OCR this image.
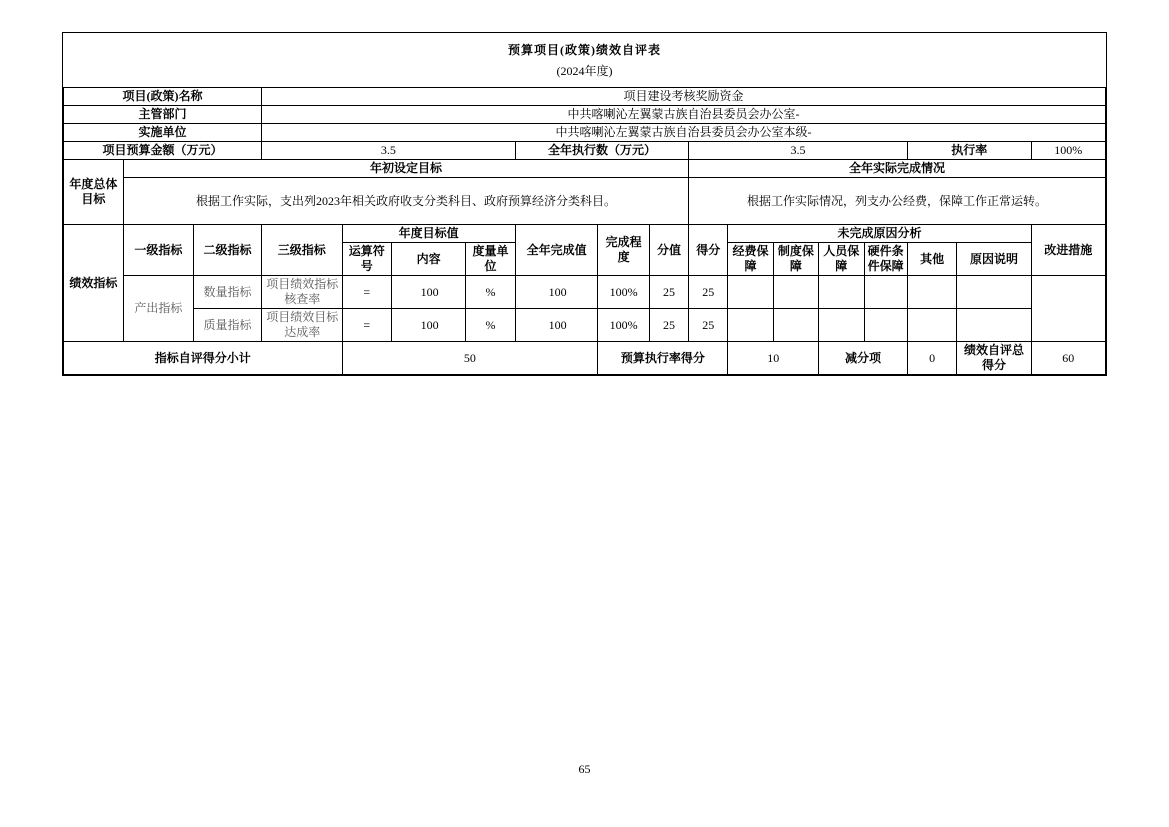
预算项目(政策)绩效自评表																	
(2024年度)																	
项目(政策)名称			项目建设考核奖励资金														
主管部门			中共喀喇沁左翼蒙古族自治县委员会办公室-														
实施单位			中共喀喇沁左翼蒙古族自治县委员会办公室本级-														
项目预算金额（万元）			3.5				全年执行数（万元）			3.5					执行率		100%
年度总体目标	年初设定目标									全年实际完成情况							
	根据工作实际，支出列2023年相关政府收支分类科目、政府预算经济分类科目。									根据工作实际情况，列支办公经费，保障工作正常运转。							
绩效指标	一级指标	二级指标	三级指标	年度目标值			全年完成值	完成程度	分值	得分	未完成原因分析						改进措施
				运算符号	内容	度量单位					经费保障	制度保障	人员保障	硬件条件保障	其他	原因说明	
	产出指标	数量指标	项目绩效指标核查率	=	100	%	100	100%	25	25							
		质量指标	项目绩效目标达成率	=	100	%	100	100%	25	25							
指标自评得分小计				50				预算执行率得分			10		减分项		0	绩效自评总得分	60
65
